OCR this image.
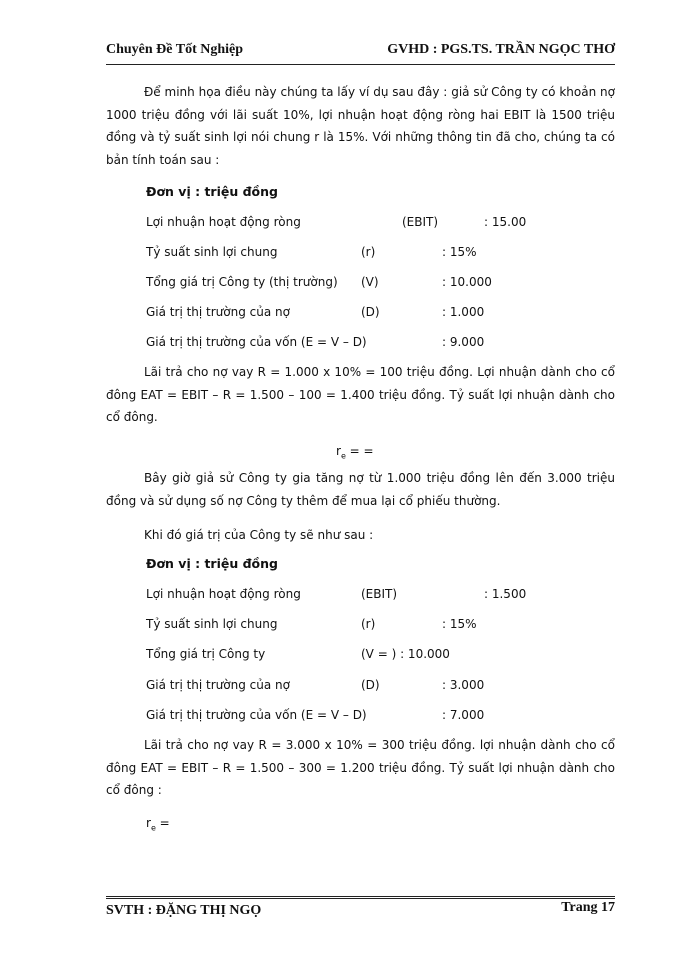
Chuyên Đề Tốt Nghiệp	GVHD : PGS.TS. TRẦN NGỌC THƠ
Để minh họa điều này chúng ta lấy ví dụ sau đây : giả sử Công ty có khoản nợ 1000 triệu đồng với lãi suất 10%, lợi nhuận hoạt động ròng hai EBIT là 1500 triệu đồng và tỷ suất sinh lợi nói chung r là 15%. Với những thông tin đã cho, chúng ta có bản tính toán sau :
Đơn vị : triệu đồng
Lợi nhuận hoạt động ròng	(EBIT)	: 15.00
Tỷ suất sinh lợi chung	(r)	: 15%
Tổng giá trị Công ty (thị trường) (V)	: 10.000
Giá trị thị trường của nợ	(D)	: 1.000
Giá trị thị trường của vốn (E = V – D)	: 9.000
Lãi trả cho nợ vay R = 1.000 x 10% = 100 triệu đồng. Lợi nhuận dành cho cổ đông EAT = EBIT – R = 1.500 – 100 = 1.400 triệu đồng. Tỷ suất lợi nhuận dành cho cổ đông.
$r_e$ = =
Bây giờ giả sử Công ty gia tăng nợ từ 1.000 triệu đồng lên đến 3.000 triệu đồng và sử dụng số nợ Công ty thêm để mua lại cổ phiếu thường.
Khi đó giá trị của Công ty sẽ như sau :
Đơn vị : triệu đồng
Lợi nhuận hoạt động ròng	(EBIT)	: 1.500
Tỷ suất sinh lợi chung	(r)	: 15%
Tổng giá trị Công ty	(V = ) : 10.000
Giá trị thị trường của nợ	(D)	: 3.000
Giá trị thị trường của vốn (E = V – D)	: 7.000
Lãi trả cho nợ vay R = 3.000 x 10% = 300 triệu đồng. lợi nhuận dành cho cổ đông EAT = EBIT – R = 1.500 – 300 = 1.200 triệu đồng. Tỷ suất lợi nhuận dành cho cổ đông :
$r_e$ =
SVTH : ĐẶNG THỊ NGỌ	Trang 17
